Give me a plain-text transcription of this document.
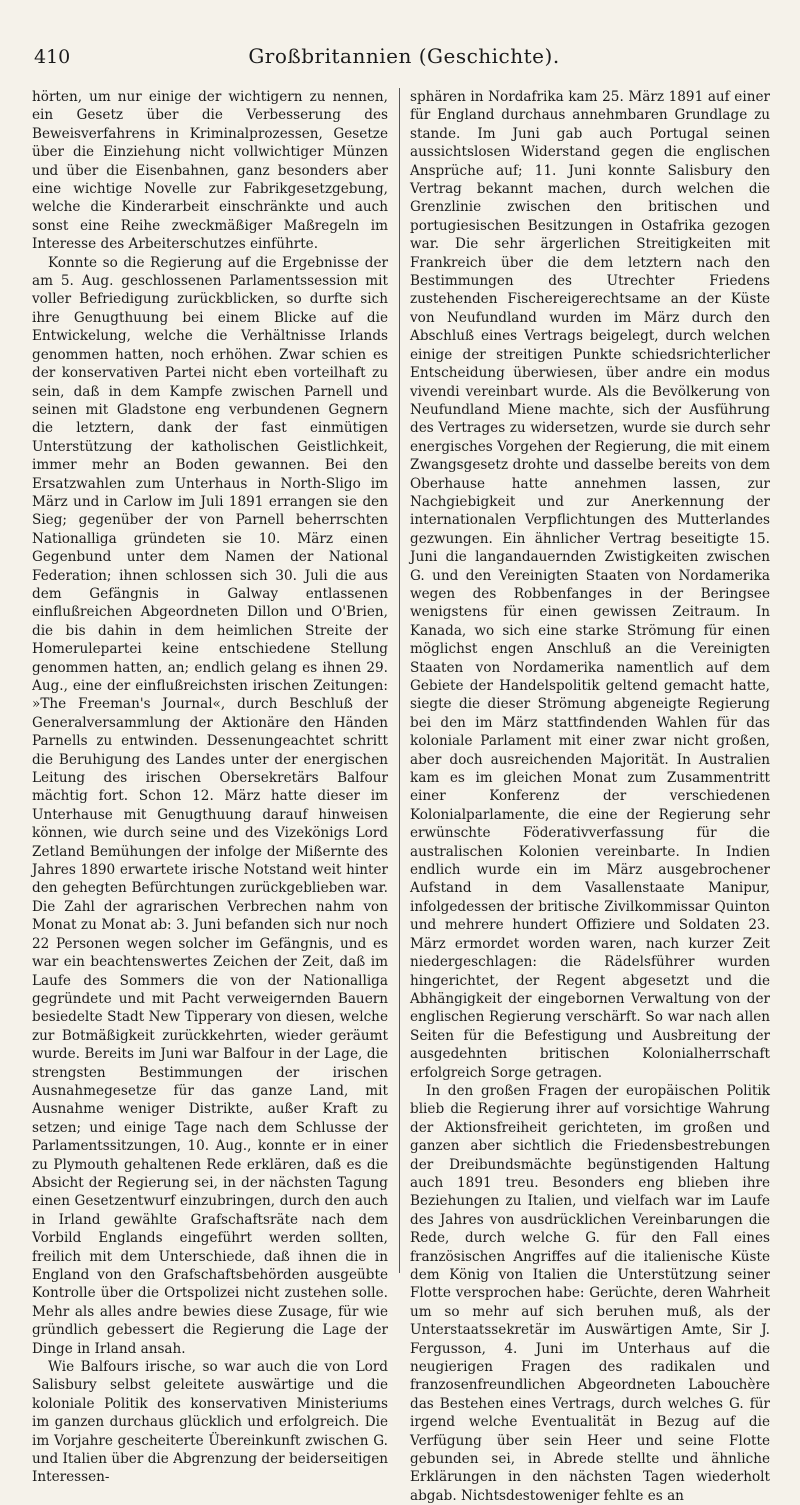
410	Großbritannien (Geschichte).

hörten, um nur einige der wichtigern zu nennen, ein Gesetz über die Verbesserung des Beweisverfahrens in Kriminalprozessen, Gesetze über die Einziehung nicht vollwichtiger Münzen und über die Eisenbahnen, ganz besonders aber eine wichtige Novelle zur Fabrikgesetzgebung, welche die Kinderarbeit einschränkte und auch sonst eine Reihe zweckmäßiger Maßregeln im Interesse des Arbeiterschutzes einführte.

Konnte so die Regierung auf die Ergebnisse der am 5. Aug. geschlossenen Parlamentssession mit voller Befriedigung zurückblicken, so durfte sich ihre Genugthuung bei einem Blicke auf die Entwickelung, welche die Verhältnisse Irlands genommen hatten, noch erhöhen. Zwar schien es der konservativen Partei nicht eben vorteilhaft zu sein, daß in dem Kampfe zwischen Parnell und seinen mit Gladstone eng verbundenen Gegnern die letztern, dank der fast einmütigen Unterstützung der katholischen Geistlichkeit, immer mehr an Boden gewannen. Bei den Ersatzwahlen zum Unterhaus in North-Sligo im März und in Carlow im Juli 1891 errangen sie den Sieg; gegenüber der von Parnell beherrschten Nationalliga gründeten sie 10. März einen Gegenbund unter dem Namen der National Federation; ihnen schlossen sich 30. Juli die aus dem Gefängnis in Galway entlassenen einflußreichen Abgeordneten Dillon und O'Brien, die bis dahin in dem heimlichen Streite der Homerulepartei keine entschiedene Stellung genommen hatten, an; endlich gelang es ihnen 29. Aug., eine der einflußreichsten irischen Zeitungen: »The Freeman's Journal«, durch Beschluß der Generalversammlung der Aktionäre den Händen Parnells zu entwinden. Dessenungeachtet schritt die Beruhigung des Landes unter der energischen Leitung des irischen Obersekretärs Balfour mächtig fort. Schon 12. März hatte dieser im Unterhause mit Genugthuung darauf hinweisen können, wie durch seine und des Vizekönigs Lord Zetland Bemühungen der infolge der Mißernte des Jahres 1890 erwartete irische Notstand weit hinter den gehegten Befürchtungen zurückgeblieben war. Die Zahl der agrarischen Verbrechen nahm von Monat zu Monat ab: 3. Juni befanden sich nur noch 22 Personen wegen solcher im Gefängnis, und es war ein beachtenswertes Zeichen der Zeit, daß im Laufe des Sommers die von der Nationalliga gegründete und mit Pacht verweigernden Bauern besiedelte Stadt New Tipperary von diesen, welche zur Botmäßigkeit zurückkehrten, wieder geräumt wurde. Bereits im Juni war Balfour in der Lage, die strengsten Bestimmungen der irischen Ausnahmegesetze für das ganze Land, mit Ausnahme weniger Distrikte, außer Kraft zu setzen; und einige Tage nach dem Schlusse der Parlamentssitzungen, 10. Aug., konnte er in einer zu Plymouth gehaltenen Rede erklären, daß es die Absicht der Regierung sei, in der nächsten Tagung einen Gesetzentwurf einzubringen, durch den auch in Irland gewählte Grafschaftsräte nach dem Vorbild Englands eingeführt werden sollten, freilich mit dem Unterschiede, daß ihnen die in England von den Grafschaftsbehörden ausgeübte Kontrolle über die Ortspolizei nicht zustehen solle. Mehr als alles andre bewies diese Zusage, für wie gründlich gebessert die Regierung die Lage der Dinge in Irland ansah.

Wie Balfours irische, so war auch die von Lord Salisbury selbst geleitete auswärtige und die koloniale Politik des konservativen Ministeriums im ganzen durchaus glücklich und erfolgreich. Die im Vorjahre gescheiterte Übereinkunft zwischen G. und Italien über die Abgrenzung der beiderseitigen Interessen-

sphären in Nordafrika kam 25. März 1891 auf einer für England durchaus annehmbaren Grundlage zu stande. Im Juni gab auch Portugal seinen aussichtslosen Widerstand gegen die englischen Ansprüche auf; 11. Juni konnte Salisbury den Vertrag bekannt machen, durch welchen die Grenzlinie zwischen den britischen und portugiesischen Besitzungen in Ostafrika gezogen war. Die sehr ärgerlichen Streitigkeiten mit Frankreich über die dem letztern nach den Bestimmungen des Utrechter Friedens zustehenden Fischereigerechtsame an der Küste von Neufundland wurden im März durch den Abschluß eines Vertrags beigelegt, durch welchen einige der streitigen Punkte schiedsrichterlicher Entscheidung überwiesen, über andre ein modus vivendi vereinbart wurde. Als die Bevölkerung von Neufundland Miene machte, sich der Ausführung des Vertrages zu widersetzen, wurde sie durch sehr energisches Vorgehen der Regierung, die mit einem Zwangsgesetz drohte und dasselbe bereits von dem Oberhause hatte annehmen lassen, zur Nachgiebigkeit und zur Anerkennung der internationalen Verpflichtungen des Mutterlandes gezwungen. Ein ähnlicher Vertrag beseitigte 15. Juni die langandauernden Zwistigkeiten zwischen G. und den Vereinigten Staaten von Nordamerika wegen des Robbenfanges in der Beringsee wenigstens für einen gewissen Zeitraum. In Kanada, wo sich eine starke Strömung für einen möglichst engen Anschluß an die Vereinigten Staaten von Nordamerika namentlich auf dem Gebiete der Handelspolitik geltend gemacht hatte, siegte die dieser Strömung abgeneigte Regierung bei den im März stattfindenden Wahlen für das koloniale Parlament mit einer zwar nicht großen, aber doch ausreichenden Majorität. In Australien kam es im gleichen Monat zum Zusammentritt einer Konferenz der verschiedenen Kolonialparlamente, die eine der Regierung sehr erwünschte Föderativverfassung für die australischen Kolonien vereinbarte. In Indien endlich wurde ein im März ausgebrochener Aufstand in dem Vasallenstaate Manipur, infolgedessen der britische Zivilkommissar Quinton und mehrere hundert Offiziere und Soldaten 23. März ermordet worden waren, nach kurzer Zeit niedergeschlagen: die Rädelsführer wurden hingerichtet, der Regent abgesetzt und die Abhängigkeit der eingebornen Verwaltung von der englischen Regierung verschärft. So war nach allen Seiten für die Befestigung und Ausbreitung der ausgedehnten britischen Kolonialherrschaft erfolgreich Sorge getragen.

In den großen Fragen der europäischen Politik blieb die Regierung ihrer auf vorsichtige Wahrung der Aktionsfreiheit gerichteten, im großen und ganzen aber sichtlich die Friedensbestrebungen der Dreibundsmächte begünstigenden Haltung auch 1891 treu. Besonders eng blieben ihre Beziehungen zu Italien, und vielfach war im Laufe des Jahres von ausdrücklichen Vereinbarungen die Rede, durch welche G. für den Fall eines französischen Angriffes auf die italienische Küste dem König von Italien die Unterstützung seiner Flotte versprochen habe: Gerüchte, deren Wahrheit um so mehr auf sich beruhen muß, als der Unterstaatssekretär im Auswärtigen Amte, Sir J. Fergusson, 4. Juni im Unterhaus auf die neugierigen Fragen des radikalen und franzosenfreundlichen Abgeordneten Labouchère das Bestehen eines Vertrags, durch welches G. für irgend welche Eventualität in Bezug auf die Verfügung über sein Heer und seine Flotte gebunden sei, in Abrede stellte und ähnliche Erklärungen in den nächsten Tagen wiederholt abgab. Nichtsdestoweniger fehlte es an
